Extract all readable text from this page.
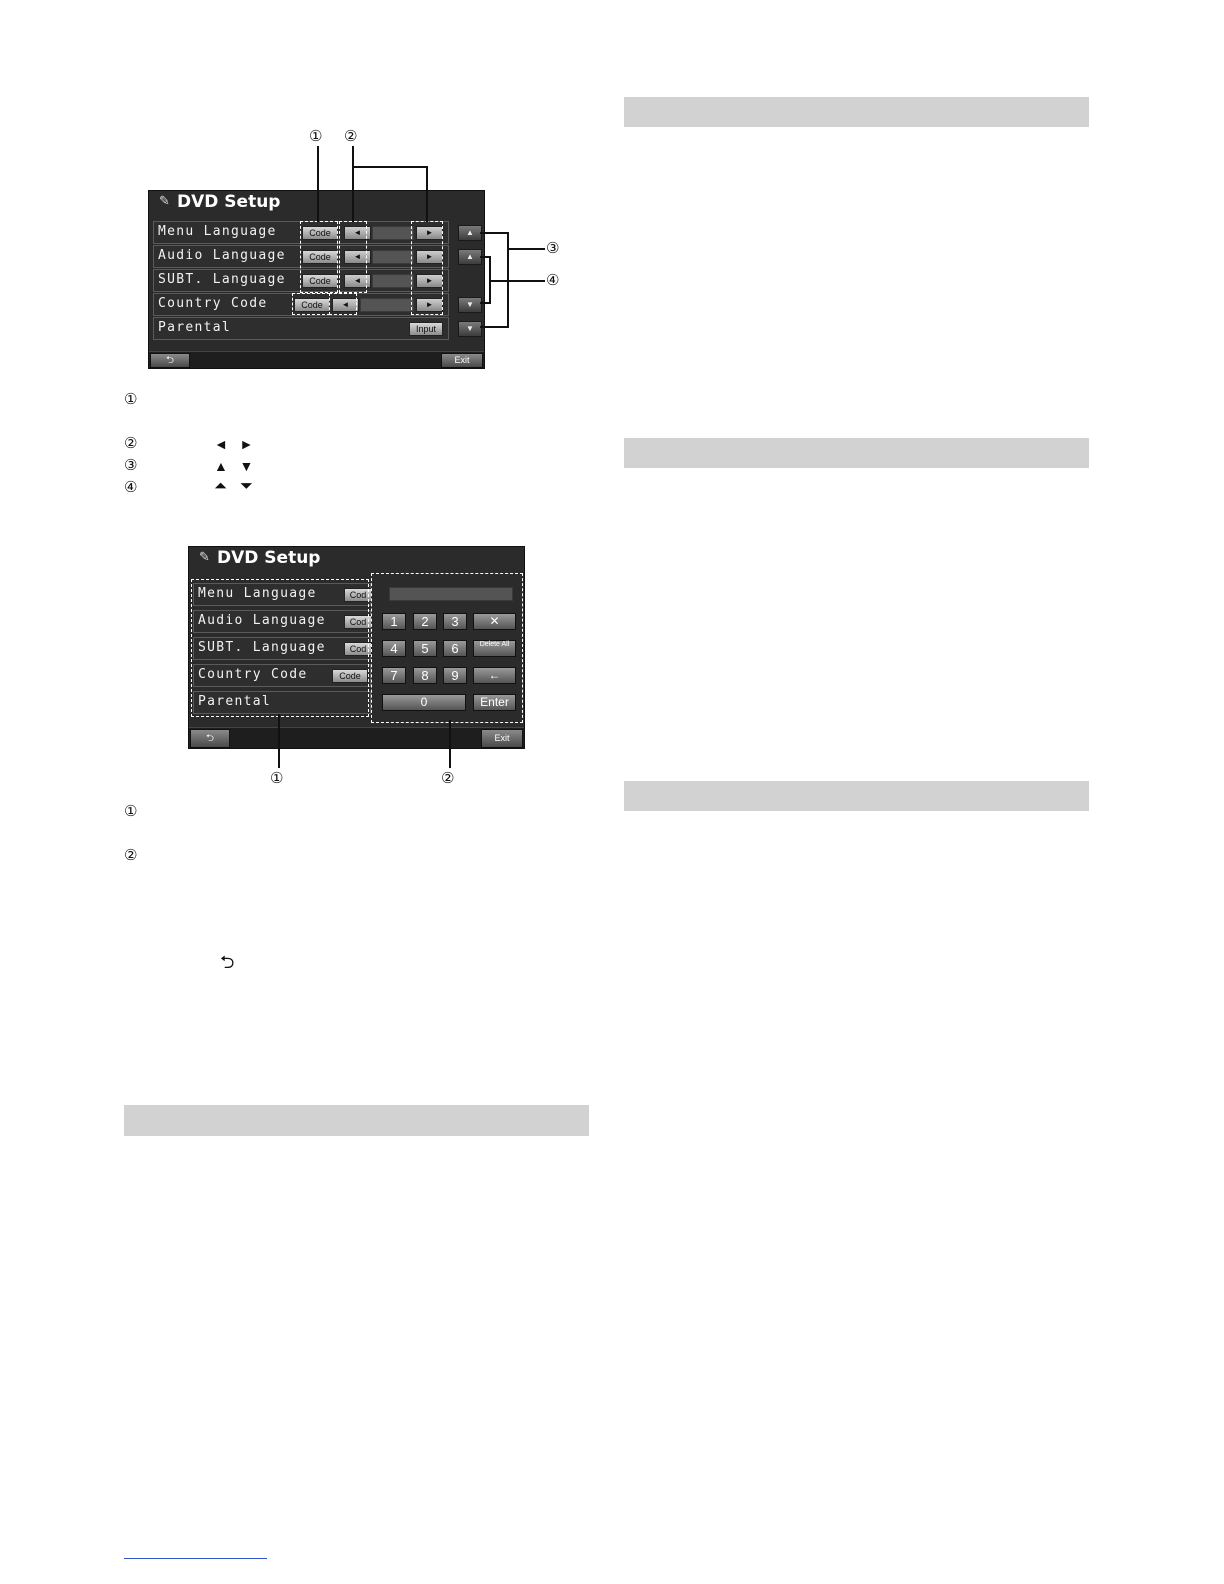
✎ DVD Setup
Menu Language	Code	◄	►
Audio Language	Code	◄	►
SUBT. Language	Code	◄	►
Country Code	Code	◄	►
Parental	Input
▲
▲
▼
▼
⮌	Exit
① ②
③
④
①
②	◄   ►
③	▲   ▼
④	⏶   ⏷
✎ DVD Setup
Menu Language	Cod
Audio Language	Cod
SUBT. Language	Cod
Country Code	Code
Parental
1	2	3	✕
4	5	6	Delete All
7	8	9	←
0	Enter
⮌	Exit
①	②
①
②
⮌
